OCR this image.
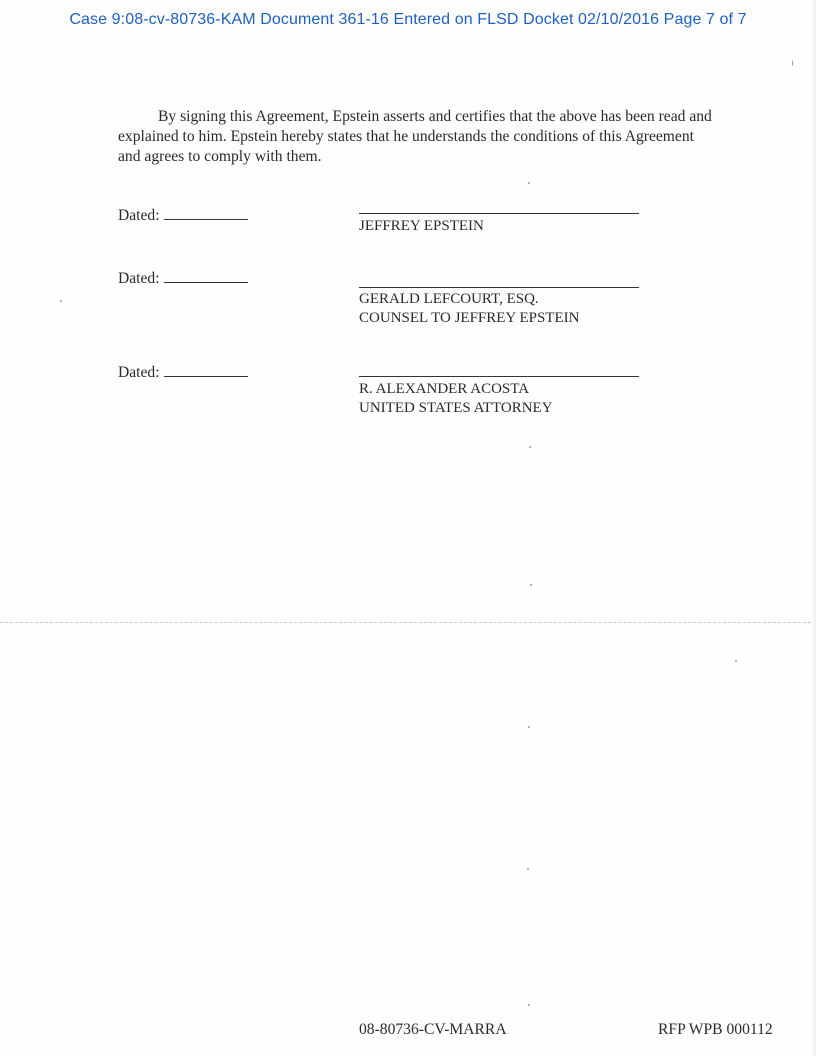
Case 9:08-cv-80736-KAM Document 361-16 Entered on FLSD Docket 02/10/2016 Page 7 of 7

By signing this Agreement, Epstein asserts and certifies that the above has been read and explained to him. Epstein hereby states that he understands the conditions of this Agreement and agrees to comply with them.

Dated:
JEFFREY EPSTEIN
Dated:
GERALD LEFCOURT, ESQ.
COUNSEL TO JEFFREY EPSTEIN
Dated:
R. ALEXANDER ACOSTA
UNITED STATES ATTORNEY
08-80736-CV-MARRA	RFP WPB 000112
